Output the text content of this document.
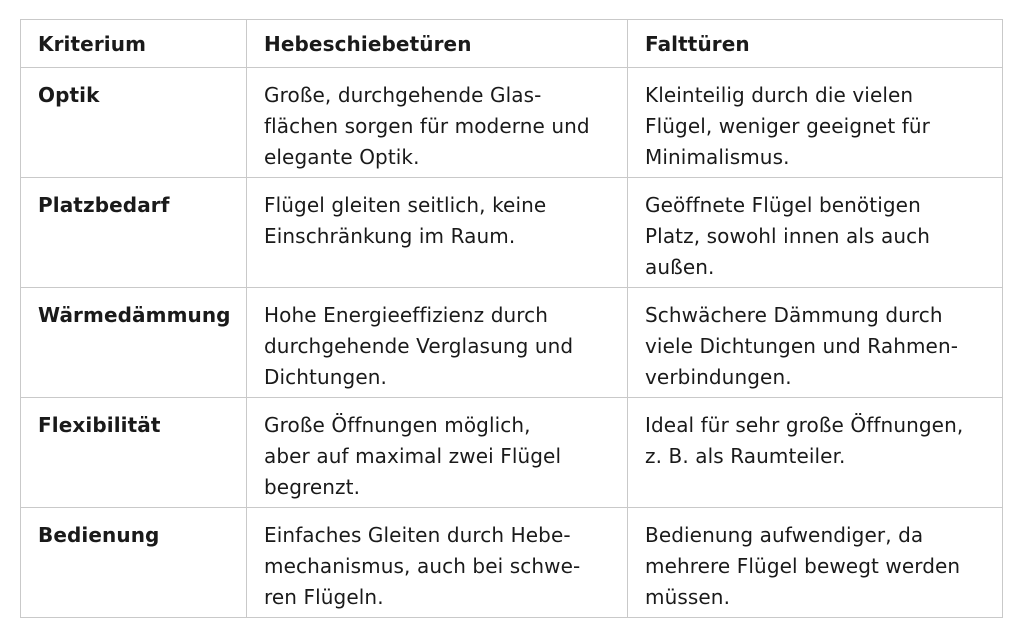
Kriterium	Hebeschiebetüren	Falttüren
Optik	Große, durchgehende Glas-
flächen sorgen für moderne und
elegante Optik.	Kleinteilig durch die vielen
Flügel, weniger geeignet für
Minimalismus.

Platzbedarf	Flügel gleiten seitlich, keine
Einschränkung im Raum.	Geöffnete Flügel benötigen
Platz, sowohl innen als auch
außen.

Wärmedämmung	Hohe Energieeffizienz durch
durchgehende Verglasung und
Dichtungen.	Schwächere Dämmung durch
viele Dichtungen und Rahmen-
verbindungen.

Flexibilität	Große Öffnungen möglich,
aber auf maximal zwei Flügel
begrenzt.	Ideal für sehr große Öffnungen,
z. B. als Raumteiler.

Bedienung	Einfaches Gleiten durch Hebe-
mechanismus, auch bei schwe-
ren Flügeln.	Bedienung aufwendiger, da
mehrere Flügel bewegt werden
müssen.
